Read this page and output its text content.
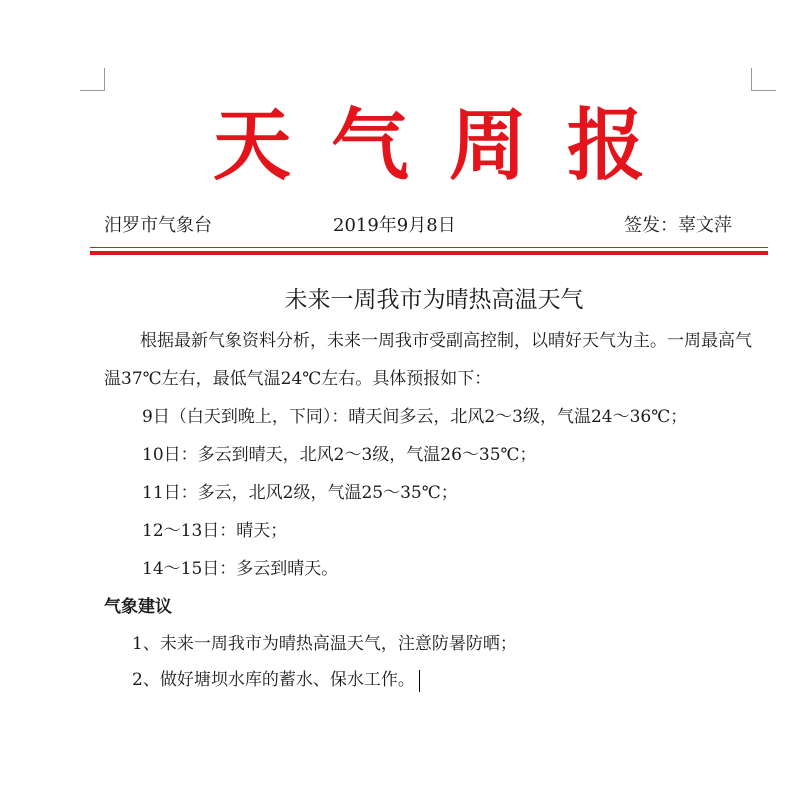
天气周报
汨罗市气象台	2019年9月8日	签发：辜文萍
未来一周我市为晴热高温天气

根据最新气象资料分析，未来一周我市受副高控制，以晴好天气为主。一周最高气温37℃左右，最低气温24℃左右。具体预报如下：

9日（白天到晚上，下同）：晴天间多云，北风2～3级，气温24～36℃；

10日：多云到晴天，北风2～3级，气温26～35℃；

11日：多云，北风2级，气温25～35℃；

12～13日：晴天；

14～15日：多云到晴天。

气象建议

1、未来一周我市为晴热高温天气，注意防暑防晒；

2、做好塘坝水库的蓄水、保水工作。
